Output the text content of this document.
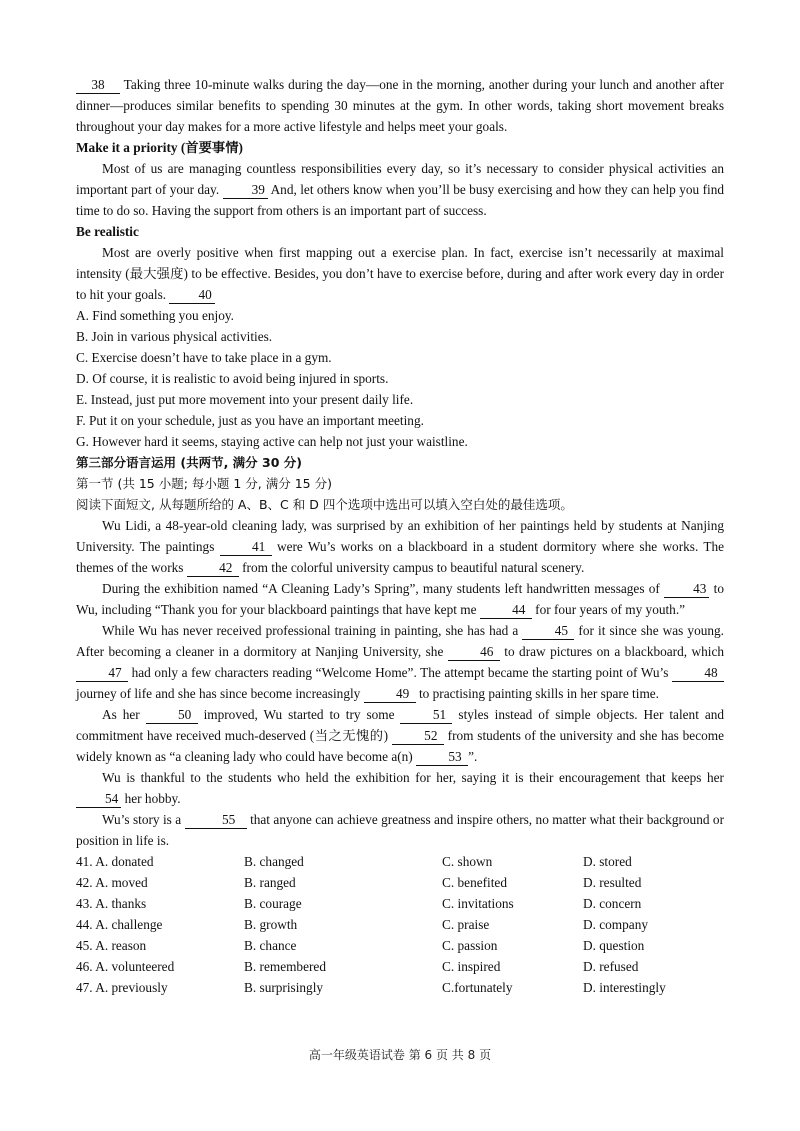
38 Taking three 10-minute walks during the day—one in the morning, another during your lunch and another after dinner—produces similar benefits to spending 30 minutes at the gym. In other words, taking short movement breaks throughout your day makes for a more active lifestyle and helps meet your goals.

Make it a priority (首要事情)

Most of us are managing countless responsibilities every day, so it’s necessary to consider physical activities an important part of your day. 39 And, let others know when you’ll be busy exercising and how they can help you find time to do so. Having the support from others is an important part of success.

Be realistic

Most are overly positive when first mapping out a exercise plan. In fact, exercise isn’t necessarily at maximal intensity (最大强度) to be effective. Besides, you don’t have to exercise before, during and after work every day in order to hit your goals. 40

A. Find something you enjoy.

B. Join in various physical activities.

C. Exercise doesn’t have to take place in a gym.

D. Of course, it is realistic to avoid being injured in sports.

E. Instead, just put more movement into your present daily life.

F. Put it on your schedule, just as you have an important meeting.

G. However hard it seems, staying active can help not just your waistline.

第三部分语言运用 (共两节, 满分 30 分)

第一节 (共 15 小题; 每小题 1 分, 满分 15 分)

阅读下面短文, 从每题所给的 A、B、C 和 D 四个选项中选出可以填入空白处的最佳选项。

Wu Lidi, a 48-year-old cleaning lady, was surprised by an exhibition of her paintings held by students at Nanjing University. The paintings	41 were Wu’s works on a blackboard in a student dormitory where she works. The themes of the works	42 from the colorful university campus to beautiful natural scenery.

During the exhibition named “A Cleaning Lady’s Spring”, many students left handwritten messages of	43 to Wu, including “Thank you for your blackboard paintings that have kept me	44 for four years of my youth.”

While Wu has never received professional training in painting, she has had a	45 for it since she was young. After becoming a cleaner in a dormitory at Nanjing University, she	46 to draw pictures on a blackboard, which 47 had only a few characters reading “Welcome Home”. The attempt became the starting point of Wu’s	48 journey of life and she has since become increasingly	49 to practising painting skills in her spare time.

As her	50 improved, Wu started to try some	51 styles instead of simple objects. Her talent and commitment have received much-deserved (当之无愧的)	52 from students of the university and she has become widely known as “a cleaning lady who could have become a(n)	53 ”.

Wu is thankful to the students who held the exhibition for her, saying it is their encouragement that keeps her 54 her hobby.

Wu’s story is a	55 that anyone can achieve greatness and inspire others, no matter what their background or position in life is.

41. A. donated	B. changed	C. shown	D. stored
42. A. moved	B. ranged	C. benefited	D. resulted
43. A. thanks	B. courage	C. invitations	D. concern
44. A. challenge	B. growth	C. praise	D. company
45. A. reason	B. chance	C. passion	D. question
46. A. volunteered	B. remembered	C. inspired	D. refused
47. A. previously	B. surprisingly	C.fortunately	D. interestingly
高一年级英语试卷 第 6 页 共 8 页
